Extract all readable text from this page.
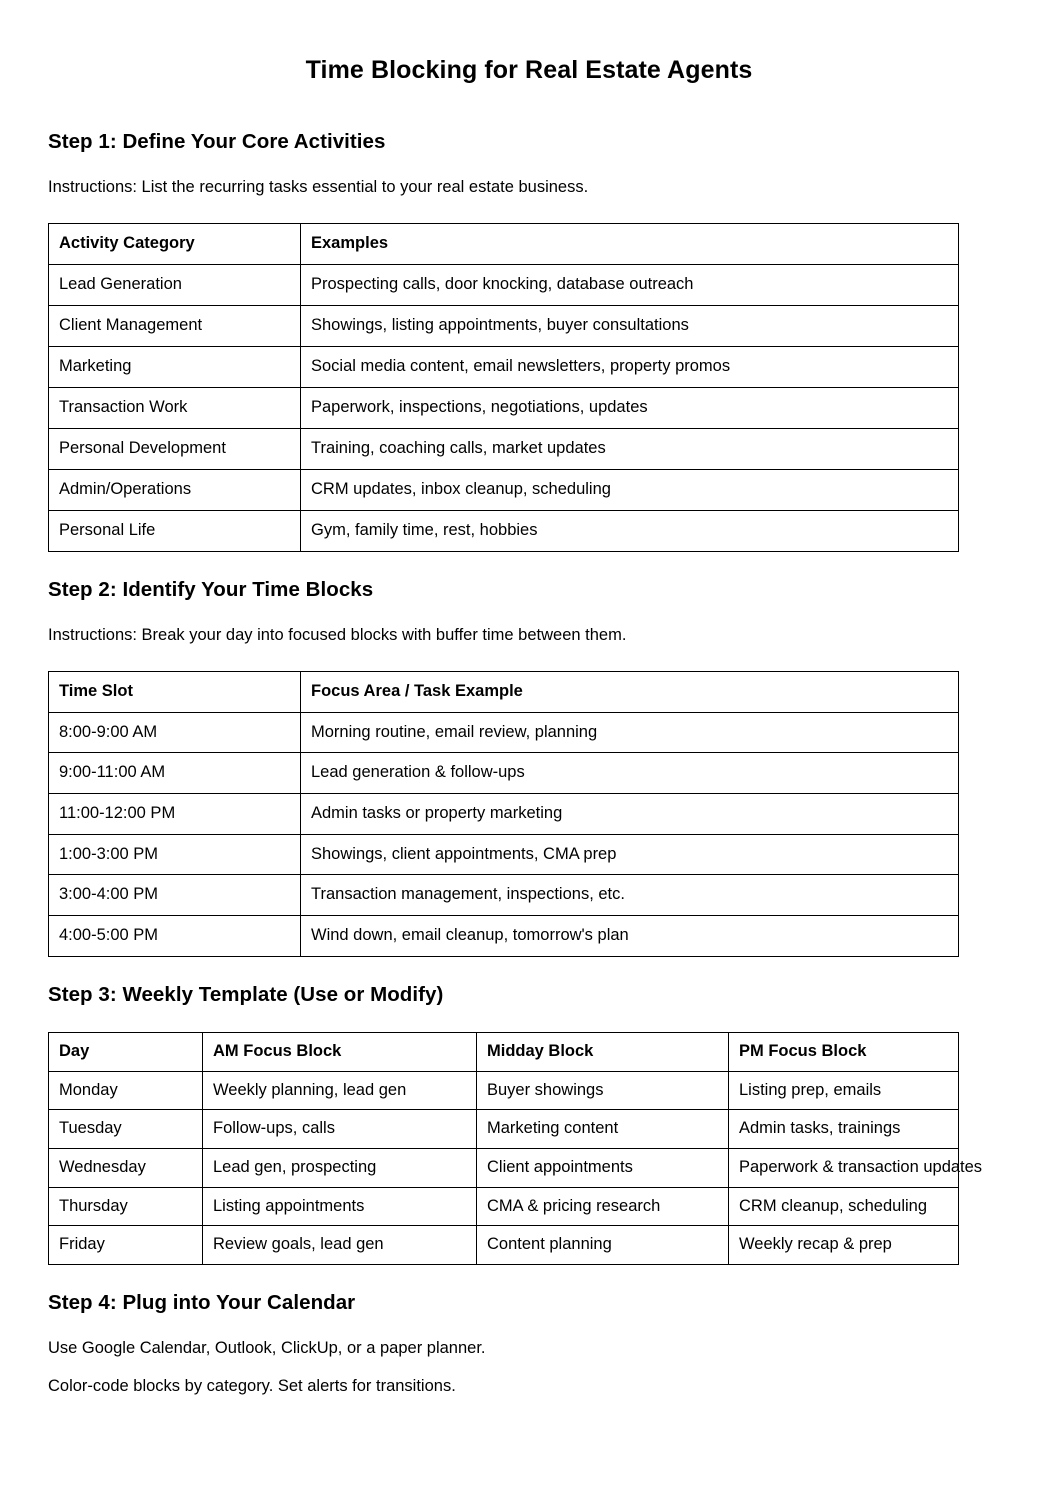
Time Blocking for Real Estate Agents
Step 1: Define Your Core Activities

Instructions: List the recurring tasks essential to your real estate business.

Activity Category	Examples
Lead Generation	Prospecting calls, door knocking, database outreach
Client Management	Showings, listing appointments, buyer consultations
Marketing	Social media content, email newsletters, property promos
Transaction Work	Paperwork, inspections, negotiations, updates
Personal Development	Training, coaching calls, market updates
Admin/Operations	CRM updates, inbox cleanup, scheduling
Personal Life	Gym, family time, rest, hobbies
Step 2: Identify Your Time Blocks

Instructions: Break your day into focused blocks with buffer time between them.

Time Slot	Focus Area / Task Example
8:00-9:00 AM	Morning routine, email review, planning
9:00-11:00 AM	Lead generation & follow-ups
11:00-12:00 PM	Admin tasks or property marketing
1:00-3:00 PM	Showings, client appointments, CMA prep
3:00-4:00 PM	Transaction management, inspections, etc.
4:00-5:00 PM	Wind down, email cleanup, tomorrow's plan
Step 3: Weekly Template (Use or Modify)
Day	AM Focus Block	Midday Block	PM Focus Block
Monday	Weekly planning, lead gen	Buyer showings	Listing prep, emails
Tuesday	Follow-ups, calls	Marketing content	Admin tasks, trainings
Wednesday	Lead gen, prospecting	Client appointments	Paperwork & transaction updates
Thursday	Listing appointments	CMA & pricing research	CRM cleanup, scheduling
Friday	Review goals, lead gen	Content planning	Weekly recap & prep
Step 4: Plug into Your Calendar

Use Google Calendar, Outlook, ClickUp, or a paper planner.

Color-code blocks by category. Set alerts for transitions.
